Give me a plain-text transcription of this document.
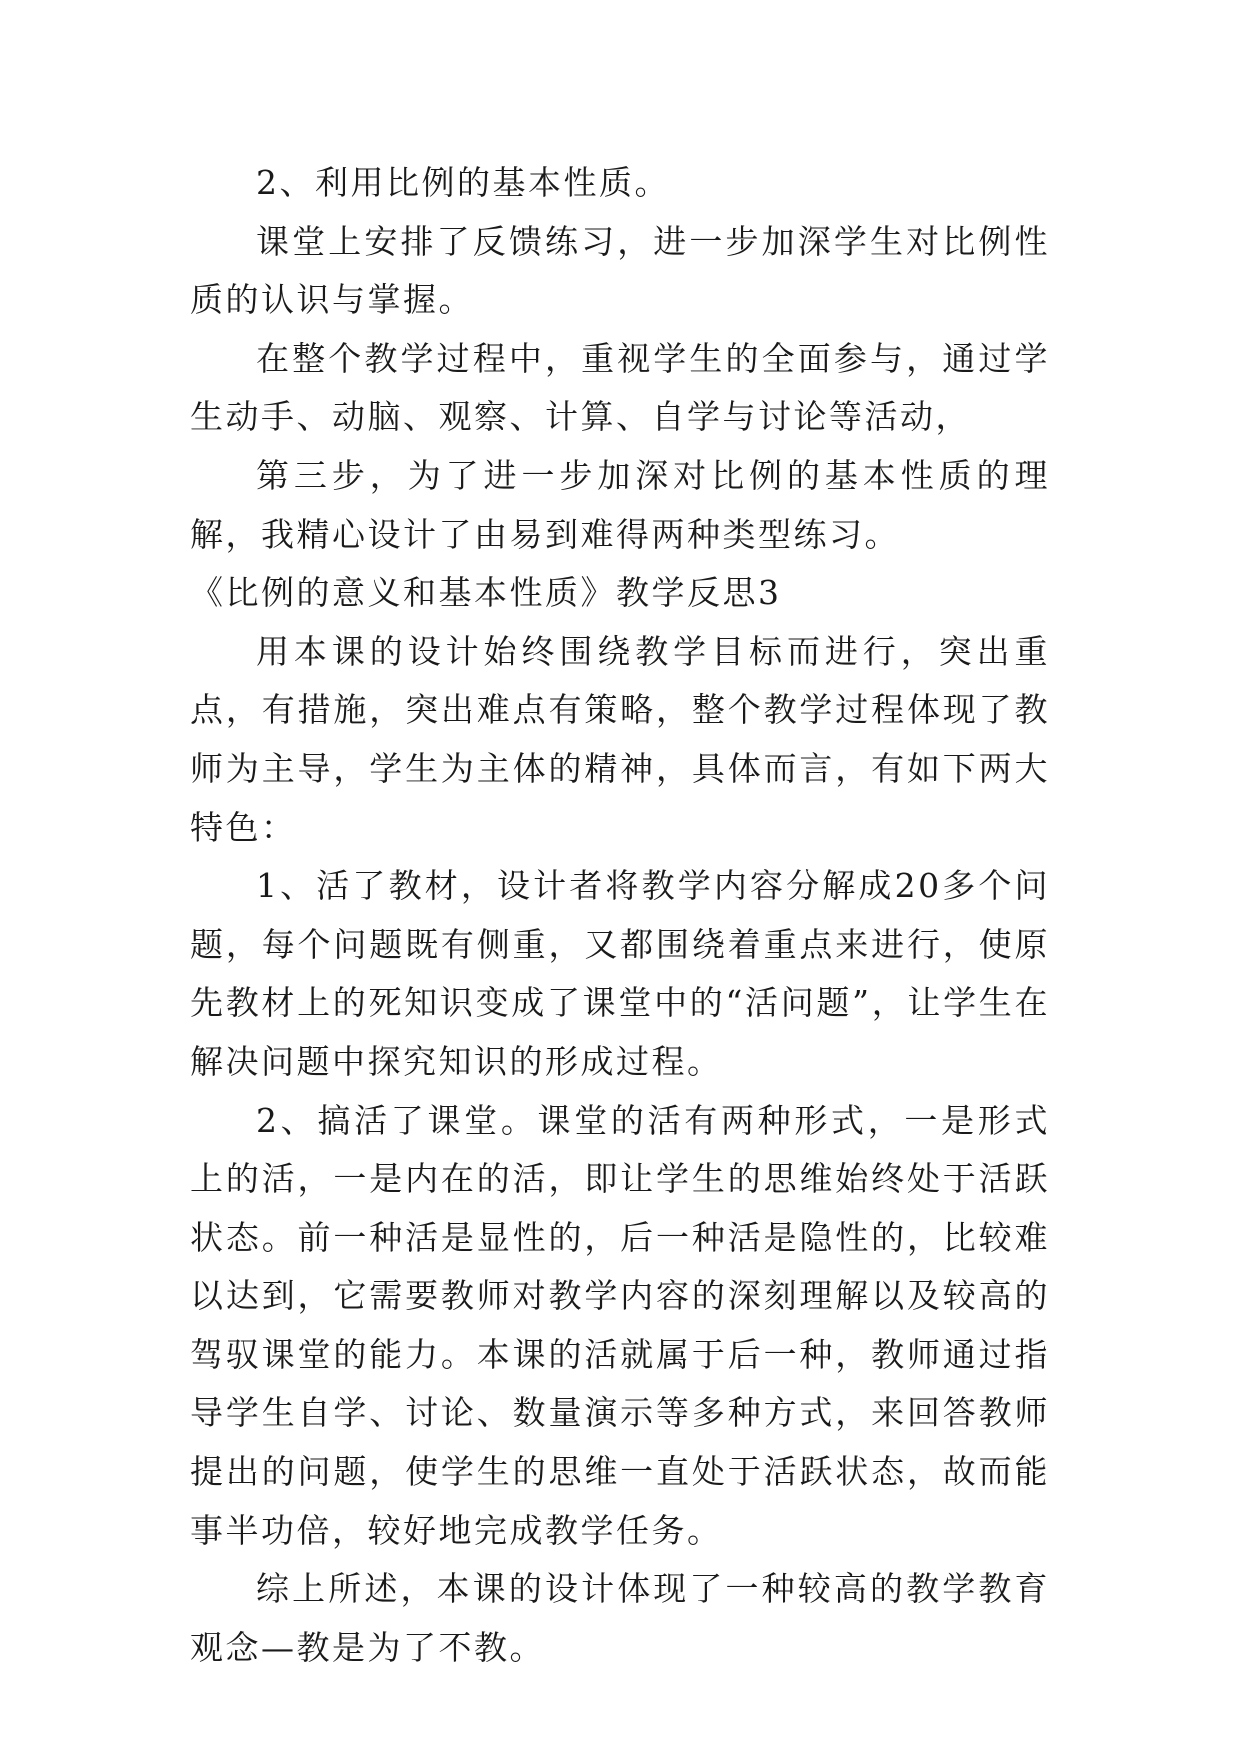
2、利用比例的基本性质。

课堂上安排了反馈练习，进一步加深学生对比例性质的认识与掌握。

在整个教学过程中，重视学生的全面参与，通过学生动手、动脑、观察、计算、自学与讨论等活动，

第三步，为了进一步加深对比例的基本性质的理解，我精心设计了由易到难得两种类型练习。

《比例的意义和基本性质》教学反思3

用本课的设计始终围绕教学目标而进行，突出重点，有措施，突出难点有策略，整个教学过程体现了教师为主导，学生为主体的精神，具体而言，有如下两大特色：

1、活了教材，设计者将教学内容分解成20多个问题，每个问题既有侧重，又都围绕着重点来进行，使原先教材上的死知识变成了课堂中的“活问题”，让学生在解决问题中探究知识的形成过程。

2、搞活了课堂。课堂的活有两种形式，一是形式上的活，一是内在的活，即让学生的思维始终处于活跃状态。前一种活是显性的，后一种活是隐性的，比较难以达到，它需要教师对教学内容的深刻理解以及较高的驾驭课堂的能力。本课的活就属于后一种，教师通过指导学生自学、讨论、数量演示等多种方式，来回答教师提出的问题，使学生的思维一直处于活跃状态，故而能事半功倍，较好地完成教学任务。

综上所述，本课的设计体现了一种较高的教学教育观念—教是为了不教。
